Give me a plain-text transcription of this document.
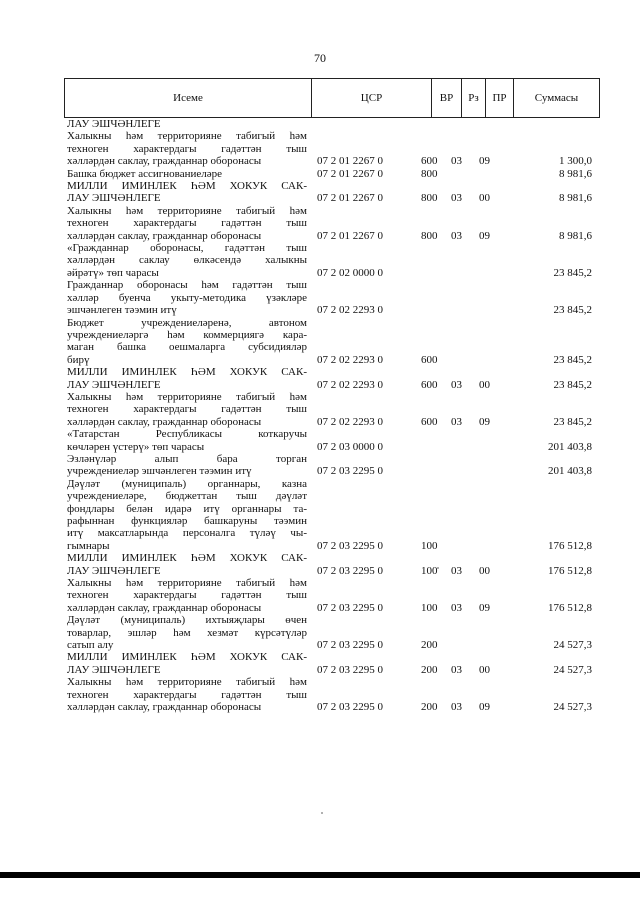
70
Исеме	ЦСР	ВР	Рз	ПР	Суммасы
ЛАУ ЭШЧӘНЛЕГЕ
Халыкны һәм территорияне табигый һәм
техноген характердагы гадәттән тыш
хәлләрдән саклау, гражданнар оборонасы	07 2 01 2267 0	600	03	09	1 300,0
Башка бюджет ассигнованиеләре	07 2 01 2267 0	800	8 981,6
МИЛЛИ ИМИНЛЕК ҺӘМ ХОКУК САК-
ЛАУ ЭШЧӘНЛЕГЕ	07 2 01 2267 0	800	03	00	8 981,6
Халыкны һәм территорияне табигый һәм
техноген характердагы гадәттән тыш
хәлләрдән саклау, гражданнар оборонасы	07 2 01 2267 0	800	03	09	8 981,6
«Гражданнар оборонасы, гадәттән тыш
хәлләрдән саклау өлкәсендә халыкны
әйрәтү» төп чарасы	07 2 02 0000 0	23 845,2
Гражданнар оборонасы һәм гадәттән тыш
хәлләр буенча укыту-методика үзәкләре
эшчәнлеген тәэмин итү	07 2 02 2293 0	23 845,2
Бюджет учреждениеләренә, автоном
учреждениеләргә һәм коммерциягә кара-
маган башка оешмаларга субсидияләр
бирү	07 2 02 2293 0	600	23 845,2
МИЛЛИ ИМИНЛЕК ҺӘМ ХОКУК САК-
ЛАУ ЭШЧӘНЛЕГЕ	07 2 02 2293 0	600	03	00	23 845,2
Халыкны һәм территорияне табигый һәм
техноген характердагы гадәттән тыш
хәлләрдән саклау, гражданнар оборонасы	07 2 02 2293 0	600	03	09	23 845,2
«Татарстан Республикасы коткаручы
көчләрен үстерү» төп чарасы	07 2 03 0000 0	201 403,8
Эзләнүләр алып бара торган
учреждениеләр эшчәнлеген тәэмин итү	07 2 03 2295 0	201 403,8
Дәүләт (муниципаль) органнары, казна
учреждениеләре, бюджеттан тыш дәүләт
фондлары белән идарә итү органнары та-
рафыннан функцияләр башкаруны тәэмин
итү максатларында персоналга түләү чы-
гымнары	07 2 03 2295 0	100	176 512,8
МИЛЛИ ИМИНЛЕК ҺӘМ ХОКУК САК-
ЛАУ ЭШЧӘНЛЕГЕ	07 2 03 2295 0	100	03	00	176 512,8
Халыкны һәм территорияне табигый һәм
техноген характердагы гадәттән тыш
хәлләрдән саклау, гражданнар оборонасы	07 2 03 2295 0	100	03	09	176 512,8
Дәүләт (муниципаль) ихтыяҗлары өчен
товарлар, эшләр һәм хезмәт күрсәтүләр
сатып алу	07 2 03 2295 0	200	24 527,3
МИЛЛИ ИМИНЛЕК ҺӘМ ХОКУК САК-
ЛАУ ЭШЧӘНЛЕГЕ	07 2 03 2295 0	200	03	00	24 527,3
Халыкны һәм территорияне табигый һәм
техноген характердагы гадәттән тыш
хәлләрдән саклау, гражданнар оборонасы	07 2 03 2295 0	200	03	09	24 527,3
